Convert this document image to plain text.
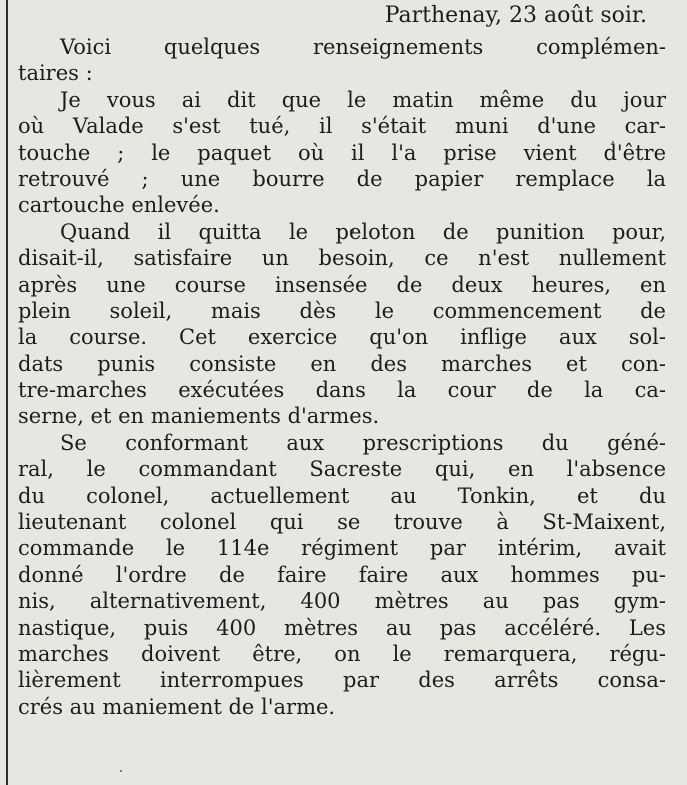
Parthenay, 23 août soir.
Voici quelques renseignements complémen-
taires :
Je vous ai dit que le matin même du jour
où Valade s'est tué, il s'était muni d'une car-
touche ; le paquet où il l'a prise vient d'être
retrouvé ; une bourre de papier remplace la
cartouche enlevée.
Quand il quitta le peloton de punition pour,
disait-il, satisfaire un besoin, ce n'est nullement
après une course insensée de deux heures, en
plein soleil, mais dès le commencement de
la course. Cet exercice qu'on inflige aux sol-
dats punis consiste en des marches et con-
tre-marches exécutées dans la cour de la ca-
serne, et en maniements d'armes.
Se conformant aux prescriptions du géné-
ral, le commandant Sacreste qui, en l'absence
du colonel, actuellement au Tonkin, et du
lieutenant colonel qui se trouve à St-Maixent,
commande le 114e régiment par intérim, avait
donné l'ordre de faire faire aux hommes pu-
nis, alternativement, 400 mètres au pas gym-
nastique, puis 400 mètres au pas accéléré. Les
marches doivent être, on le remarquera, régu-
lièrement interrompues par des arrêts consa-
crés au maniement de l'arme.
